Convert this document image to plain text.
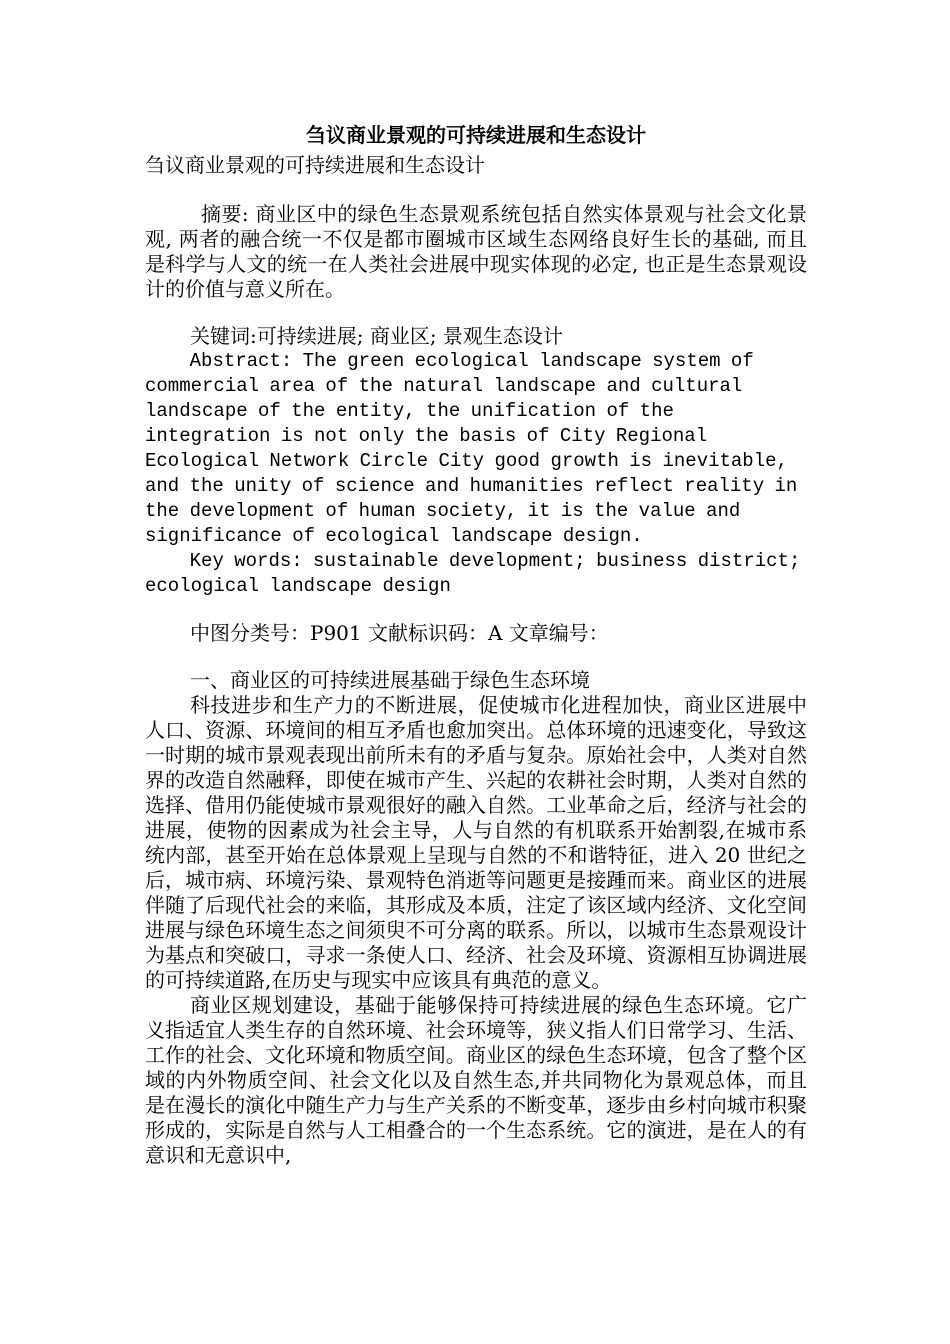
刍议商业景观的可持续进展和生态设计

刍议商业景观的可持续进展和生态设计

摘要: 商业区中的绿色生态景观系统包括自然实体景观与社会文化景观, 两者的融合统一不仅是都市圈城市区域生态网络良好生长的基础, 而且是科学与人文的统一在人类社会进展中现实体现的必定, 也正是生态景观设计的价值与意义所在。

关键词:可持续进展; 商业区; 景观生态设计

Abstract: The green ecological landscape system of commercial area of the natural landscape and cultural landscape of the entity, the unification of the integration is not only the basis of City Regional Ecological Network Circle City good growth is inevitable, and the unity of science and humanities reflect reality in the development of human society, it is the value and significance of ecological landscape design.

Key words: sustainable development; business district; ecological landscape design

中图分类号：P901 文献标识码：A 文章编号：

一、商业区的可持续进展基础于绿色生态环境

科技进步和生产力的不断进展，促使城市化进程加快，商业区进展中人口、资源、环境间的相互矛盾也愈加突出。总体环境的迅速变化，导致这一时期的城市景观表现出前所未有的矛盾与复杂。原始社会中，人类对自然界的改造自然融释，即使在城市产生、兴起的农耕社会时期，人类对自然的选择、借用仍能使城市景观很好的融入自然。工业革命之后，经济与社会的进展，使物的因素成为社会主导，人与自然的有机联系开始割裂,在城市系统内部，甚至开始在总体景观上呈现与自然的不和谐特征，进入 20 世纪之后，城市病、环境污染、景观特色消逝等问题更是接踵而来。商业区的进展伴随了后现代社会的来临，其形成及本质，注定了该区域内经济、文化空间进展与绿色环境生态之间须臾不可分离的联系。所以，以城市生态景观设计为基点和突破口，寻求一条使人口、经济、社会及环境、资源相互协调进展的可持续道路,在历史与现实中应该具有典范的意义。

商业区规划建设，基础于能够保持可持续进展的绿色生态环境。它广义指适宜人类生存的自然环境、社会环境等，狭义指人们日常学习、生活、工作的社会、文化环境和物质空间。商业区的绿色生态环境，包含了整个区域的内外物质空间、社会文化以及自然生态,并共同物化为景观总体，而且是在漫长的演化中随生产力与生产关系的不断变革，逐步由乡村向城市积聚形成的，实际是自然与人工相叠合的一个生态系统。它的演进，是在人的有意识和无意识中,
